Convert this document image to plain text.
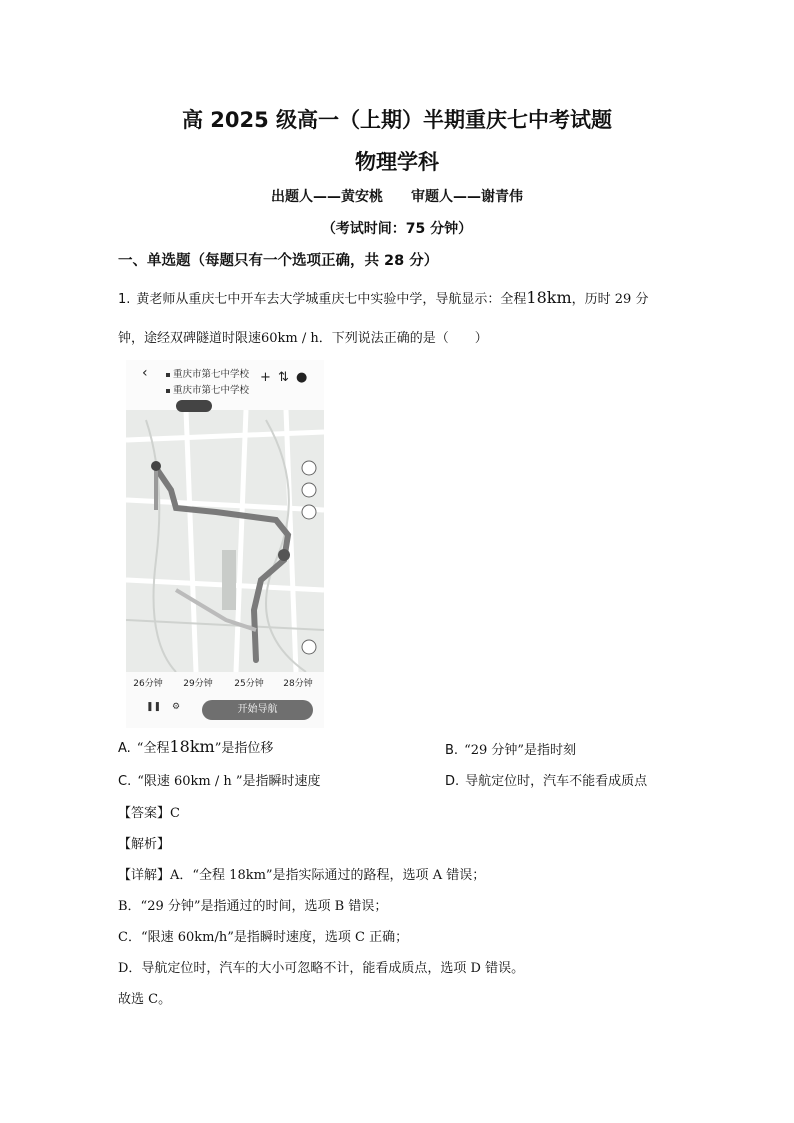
高 2025 级高一（上期）半期重庆七中考试题
物理学科
出题人——黄安桃 审题人——谢青伟
（考试时间：75 分钟）
一、单选题（每题只有一个选项正确，共 28 分）
1. 黄老师从重庆七中开车去大学城重庆七中实验中学，导航显示：全程18km，历时 29 分
钟，途经双碑隧道时限速60km / h．下列说法正确的是（　　）
‹	重庆市第七中学校
重庆市第七中学校
+ ⇅ ●
26分钟	29分钟	25分钟	28分钟
❚❚ ⚙	开始导航
A. “全程18km”是指位移	B. “29 分钟”是指时刻
C. “限速 60km / h ”是指瞬时速度	D. 导航定位时，汽车不能看成质点
【答案】C
【解析】
【详解】A．“全程 18km”是指实际通过的路程，选项 A 错误；
B．“29 分钟”是指通过的时间，选项 B 错误；
C．“限速 60km/h”是指瞬时速度，选项 C 正确；
D．导航定位时，汽车的大小可忽略不计，能看成质点，选项 D 错误。
故选 C。
